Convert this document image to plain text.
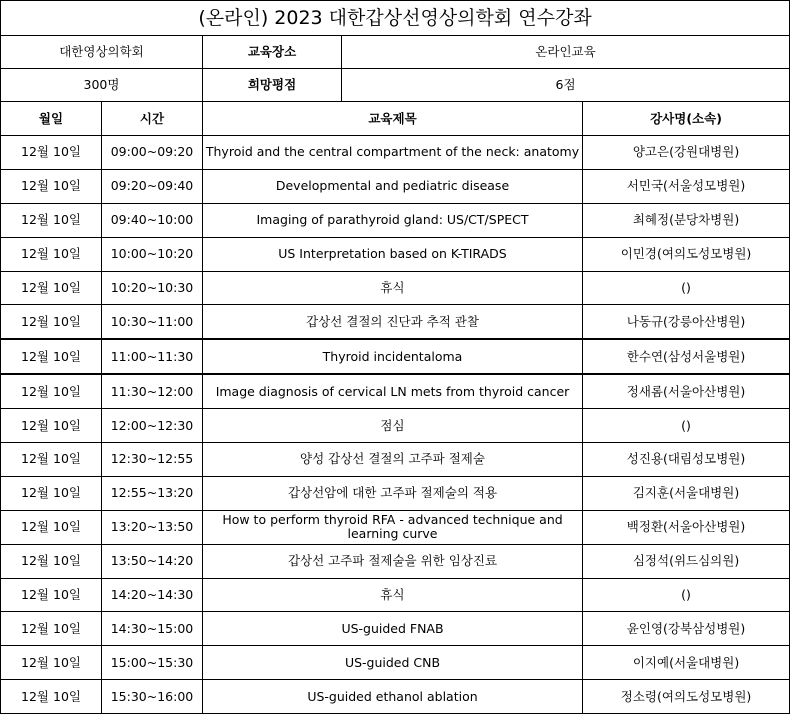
(온라인) 2023 대한갑상선영상의학회 연수강좌				
대한영상의학회		교육장소	온라인교육	
300명		희망평점	6점	
월일	시간	교육제목		강사명(소속)
12월 10일	09:00~09:20	Thyroid and the central compartment of the neck: anatomy		양고은(강원대병원)
12월 10일	09:20~09:40	Developmental and pediatric disease		서민국(서울성모병원)
12월 10일	09:40~10:00	Imaging of parathyroid gland: US/CT/SPECT		최혜정(분당차병원)
12월 10일	10:00~10:20	US Interpretation based on K-TIRADS		이민경(여의도성모병원)
12월 10일	10:20~10:30	휴식		()
12월 10일	10:30~11:00	갑상선 결절의 진단과 추적 관찰		나동규(강릉아산병원)
12월 10일	11:00~11:30	Thyroid incidentaloma		한수연(삼성서울병원)
12월 10일	11:30~12:00	Image diagnosis of cervical LN mets from thyroid cancer		정새롬(서울아산병원)
12월 10일	12:00~12:30	점심		()
12월 10일	12:30~12:55	양성 갑상선 결절의 고주파 절제술		성진용(대림성모병원)
12월 10일	12:55~13:20	갑상선암에 대한 고주파 절제술의 적용		김지훈(서울대병원)
12월 10일	13:20~13:50	How to perform thyroid RFA - advanced technique and learning curve		백정환(서울아산병원)
12월 10일	13:50~14:20	갑상선 고주파 절제술을 위한 임상진료		심정석(위드심의원)
12월 10일	14:20~14:30	휴식		()
12월 10일	14:30~15:00	US-guided FNAB		윤인영(강북삼성병원)
12월 10일	15:00~15:30	US-guided CNB		이지예(서울대병원)
12월 10일	15:30~16:00	US-guided ethanol ablation		정소령(여의도성모병원)
